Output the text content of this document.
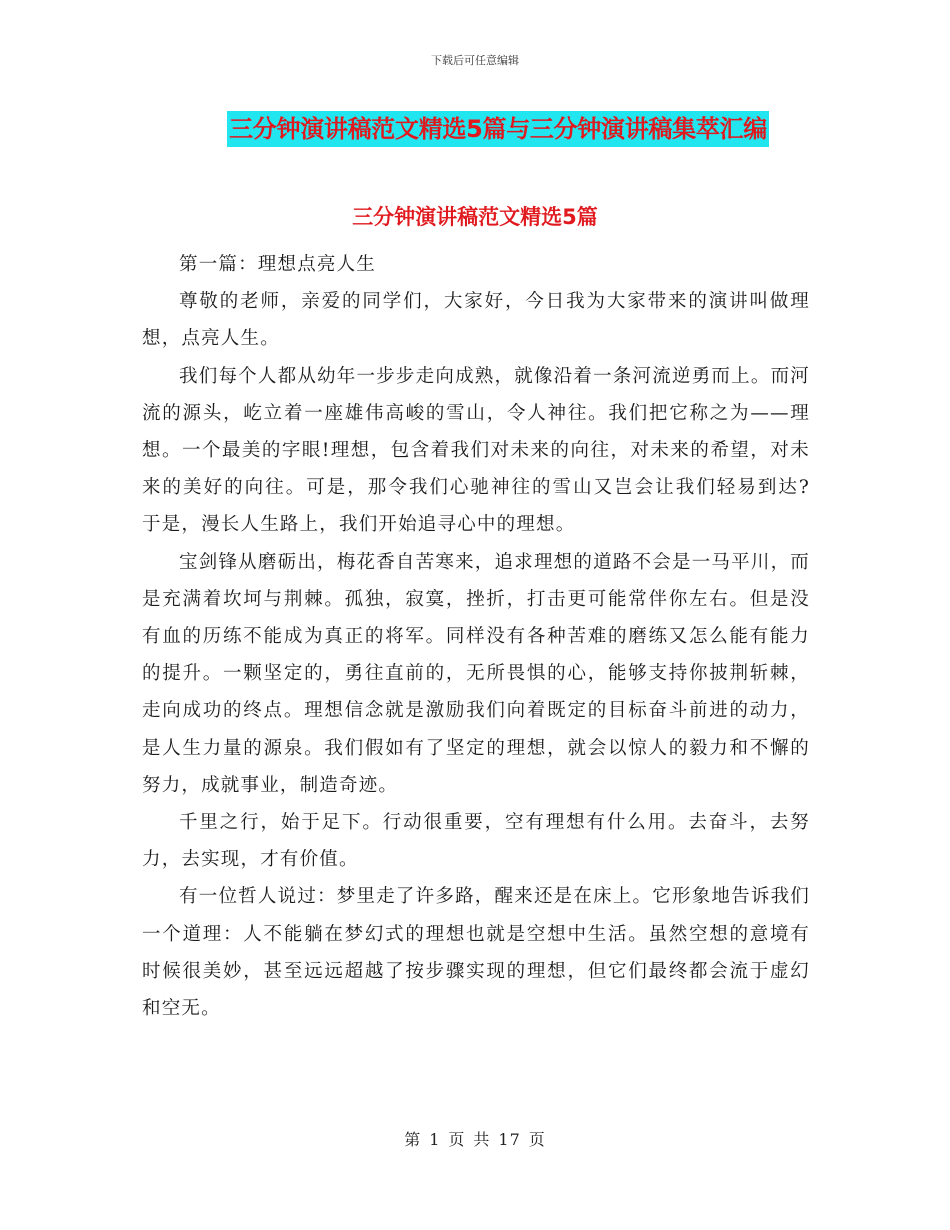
下载后可任意编辑
三分钟演讲稿范文精选5篇与三分钟演讲稿集萃汇编
三分钟演讲稿范文精选5篇

第一篇：理想点亮人生

尊敬的老师，亲爱的同学们，大家好，今日我为大家带来的演讲叫做理想，点亮人生。

我们每个人都从幼年一步步走向成熟，就像沿着一条河流逆勇而上。而河流的源头，屹立着一座雄伟高峻的雪山，令人神往。我们把它称之为——理想。一个最美的字眼!理想，包含着我们对未来的向往，对未来的希望，对未来的美好的向往。可是，那令我们心驰神往的雪山又岂会让我们轻易到达? 于是，漫长人生路上，我们开始追寻心中的理想。

宝剑锋从磨砺出，梅花香自苦寒来，追求理想的道路不会是一马平川，而是充满着坎坷与荆棘。孤独，寂寞，挫折，打击更可能常伴你左右。但是没有血的历练不能成为真正的将军。同样没有各种苦难的磨练又怎么能有能力的提升。一颗坚定的，勇往直前的，无所畏惧的心，能够支持你披荆斩棘，走向成功的终点。理想信念就是激励我们向着既定的目标奋斗前进的动力，是人生力量的源泉。我们假如有了坚定的理想，就会以惊人的毅力和不懈的努力，成就事业，制造奇迹。

千里之行，始于足下。行动很重要，空有理想有什么用。去奋斗，去努力，去实现，才有价值。

有一位哲人说过：梦里走了许多路，醒来还是在床上。它形象地告诉我们一个道理：人不能躺在梦幻式的理想也就是空想中生活。虽然空想的意境有时候很美妙，甚至远远超越了按步骤实现的理想，但它们最终都会流于虚幻和空无。

第 1 页 共 17 页
